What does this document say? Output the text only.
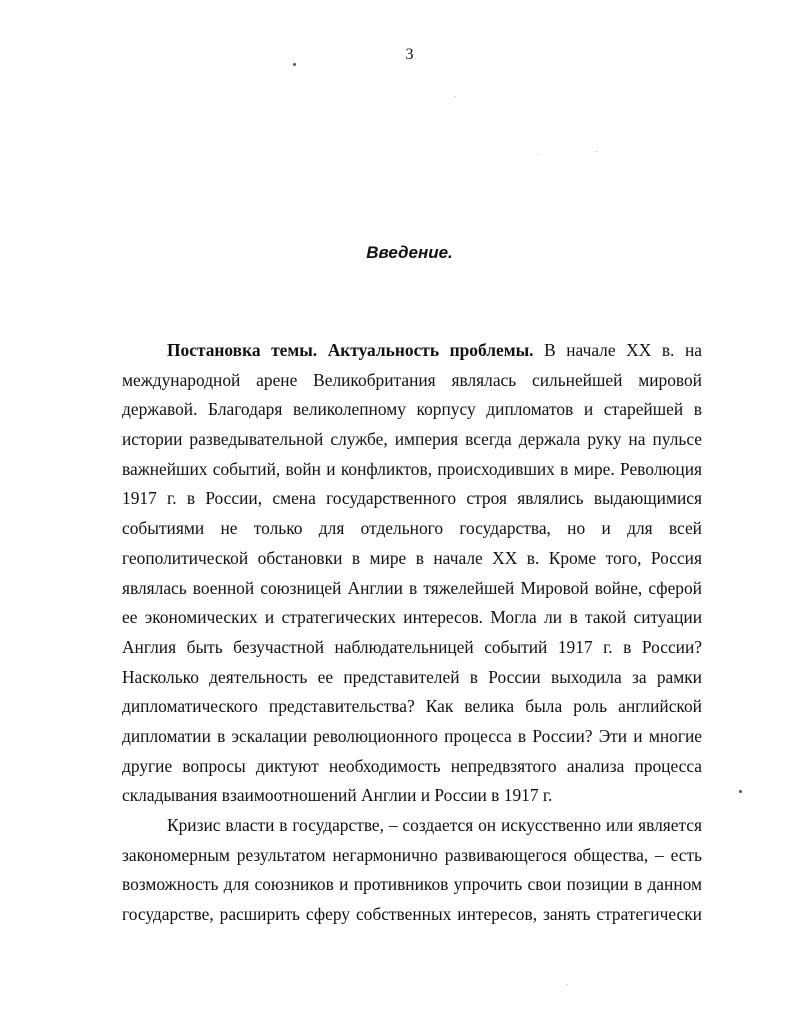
3
Введение.
Постановка темы. Актуальность проблемы. В начале XX в. на
международной арене Великобритания являлась сильнейшей мировой
державой. Благодаря великолепному корпусу дипломатов и старейшей в
истории разведывательной службе, империя всегда держала руку на пульсе
важнейших событий, войн и конфликтов, происходивших в мире. Революция
1917 г. в России, смена государственного строя являлись выдающимися
событиями не только для отдельного государства, но и для всей
геополитической обстановки в мире в начале XX в. Кроме того, Россия
являлась военной союзницей Англии в тяжелейшей Мировой войне, сферой
ее экономических и стратегических интересов. Могла ли в такой ситуации
Англия быть безучастной наблюдательницей событий 1917 г. в России?
Насколько деятельность ее представителей в России выходила за рамки
дипломатического представительства? Как велика была роль английской
дипломатии в эскалации революционного процесса в России? Эти и многие
другие вопросы диктуют необходимость непредвзятого анализа процесса
складывания взаимоотношений Англии и России в 1917 г.
Кризис власти в государстве, – создается он искусственно или является
закономерным результатом негармонично развивающегося общества, – есть
возможность для союзников и противников упрочить свои позиции в данном
государстве, расширить сферу собственных интересов, занять стратегически
